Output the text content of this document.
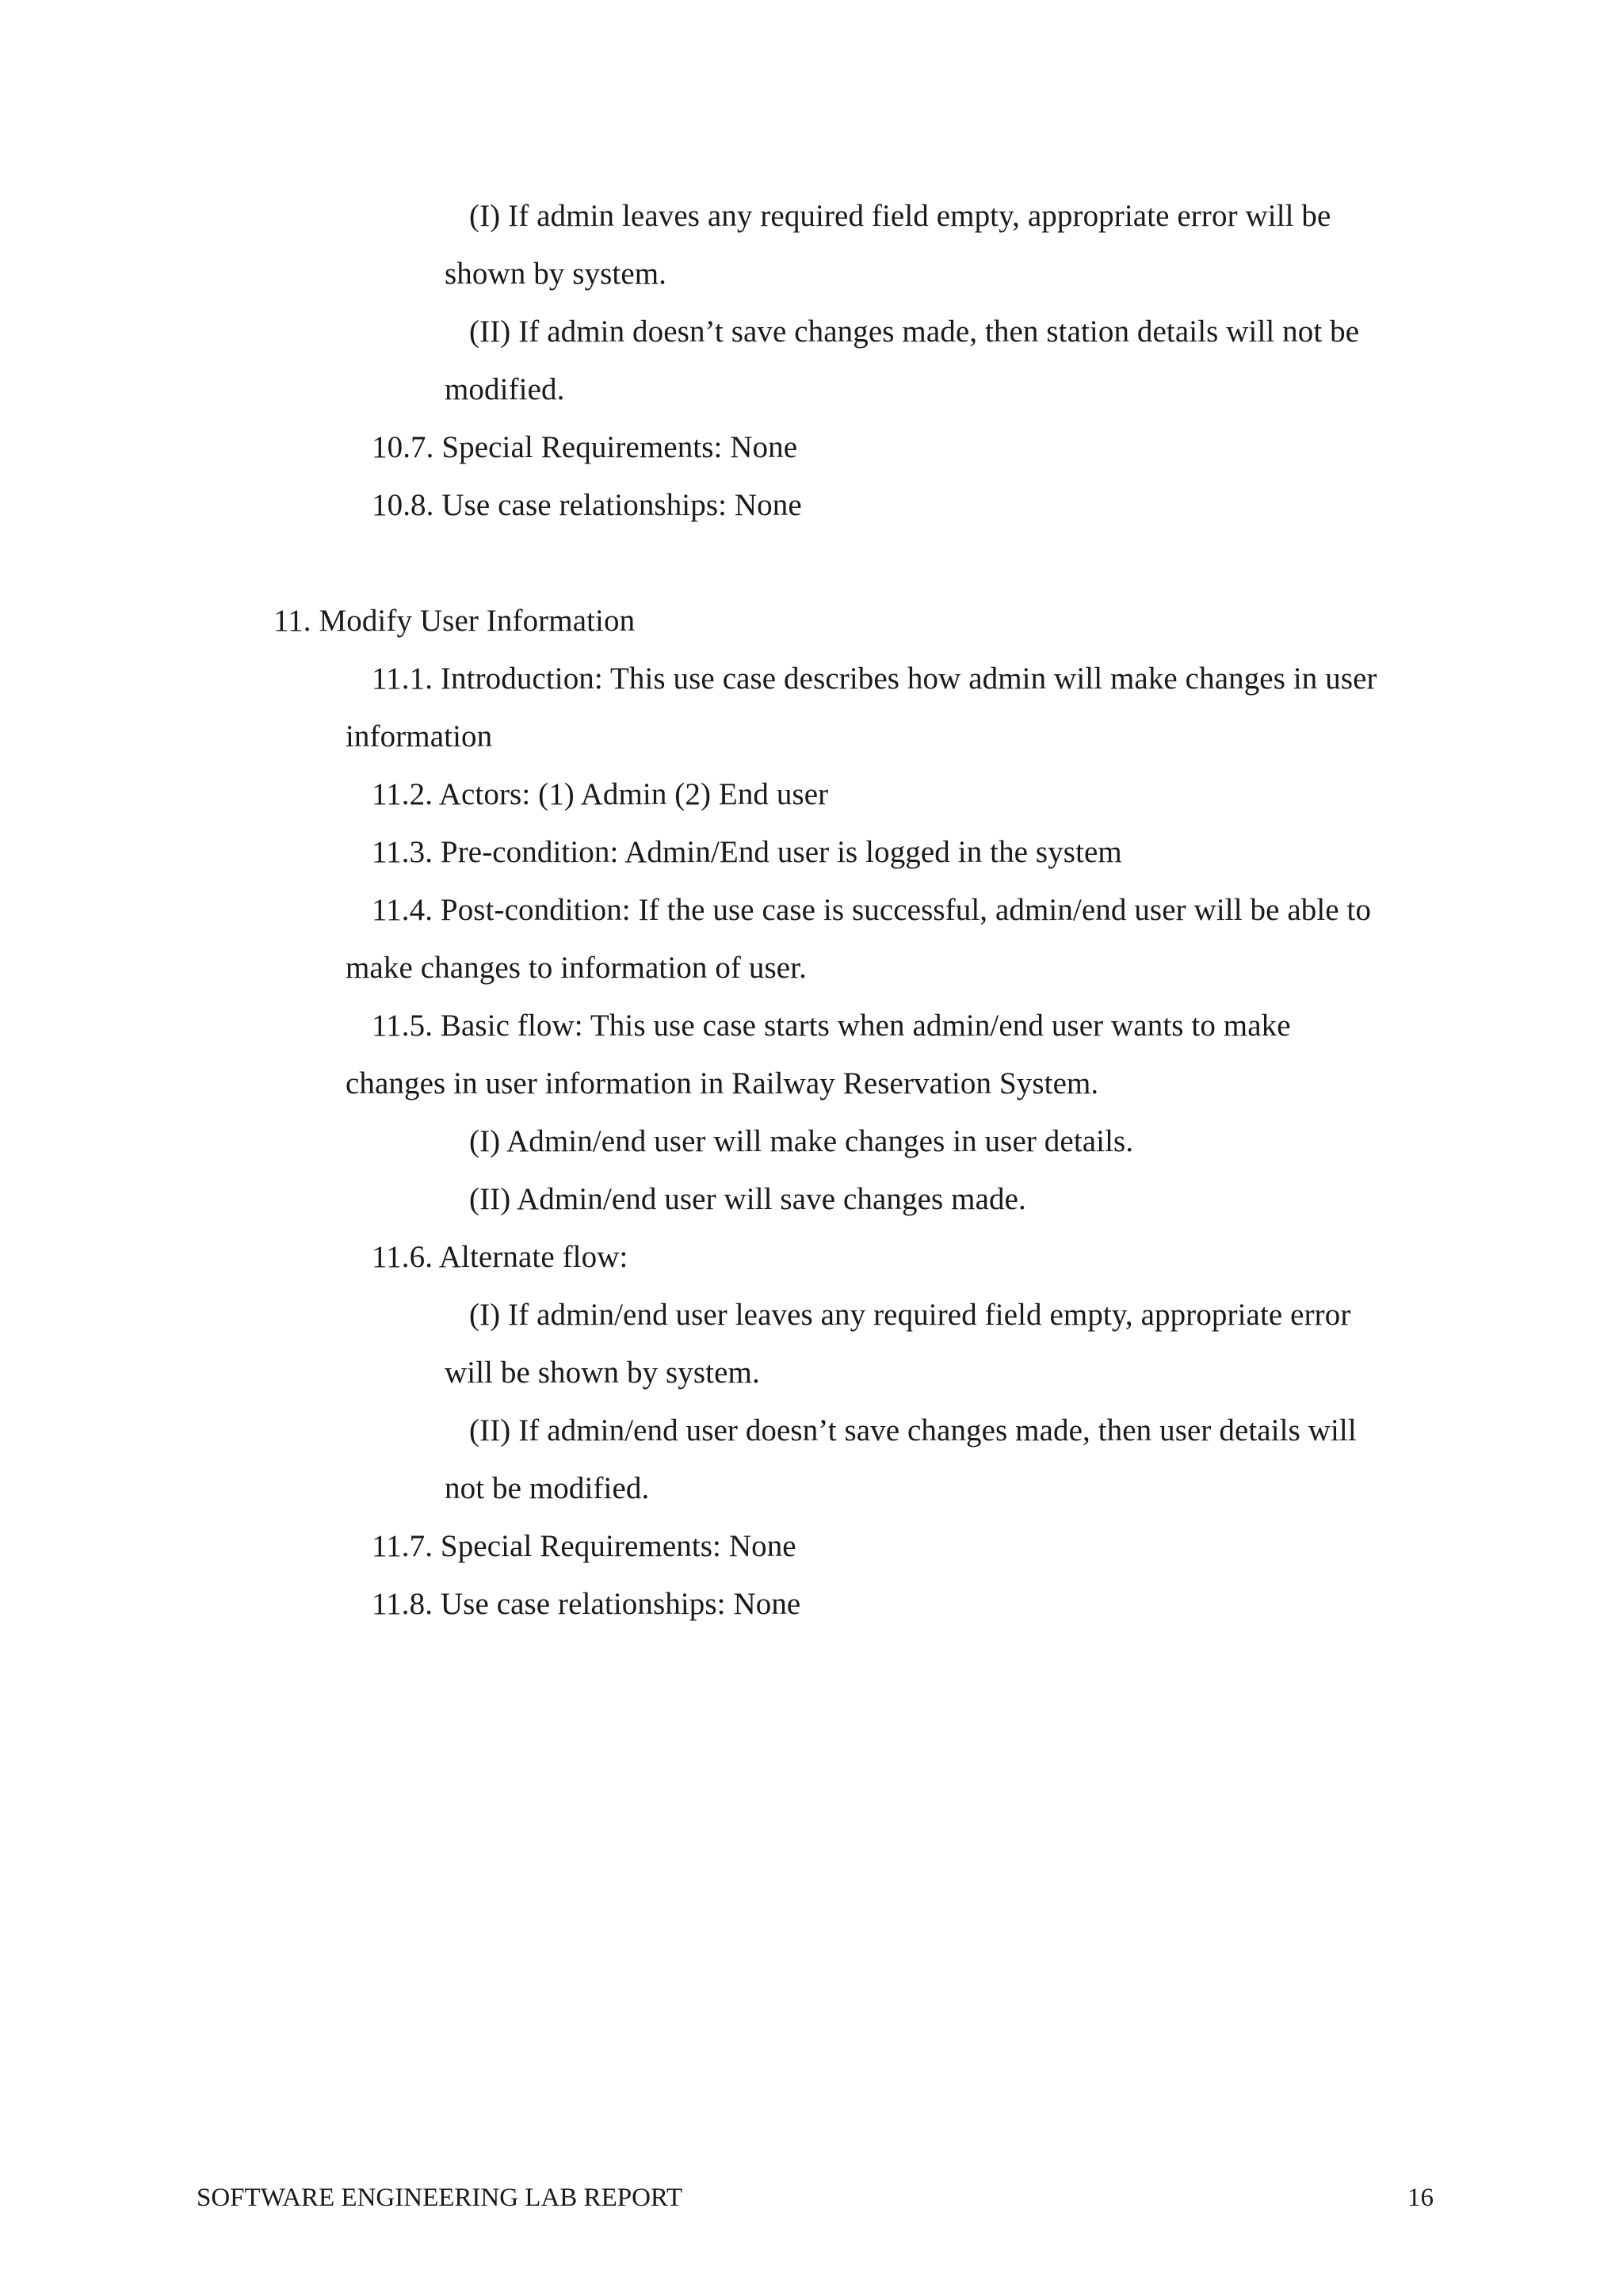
(I) If admin leaves any required field empty, appropriate error will be
shown by system.
(II) If admin doesn’t save changes made, then station details will not be
modified.
10.7. Special Requirements: None
10.8. Use case relationships: None
11. Modify User Information
11.1. Introduction: This use case describes how admin will make changes in user
information
11.2. Actors: (1) Admin (2) End user
11.3. Pre-condition: Admin/End user is logged in the system
11.4. Post-condition: If the use case is successful, admin/end user will be able to
make changes to information of user.
11.5. Basic flow: This use case starts when admin/end user wants to make
changes in user information in Railway Reservation System.
(I) Admin/end user will make changes in user details.
(II) Admin/end user will save changes made.
11.6. Alternate flow:
(I) If admin/end user leaves any required field empty, appropriate error
will be shown by system.
(II) If admin/end user doesn’t save changes made, then user details will
not be modified.
11.7. Special Requirements: None
11.8. Use case relationships: None
SOFTWARE ENGINEERING LAB REPORT	16
